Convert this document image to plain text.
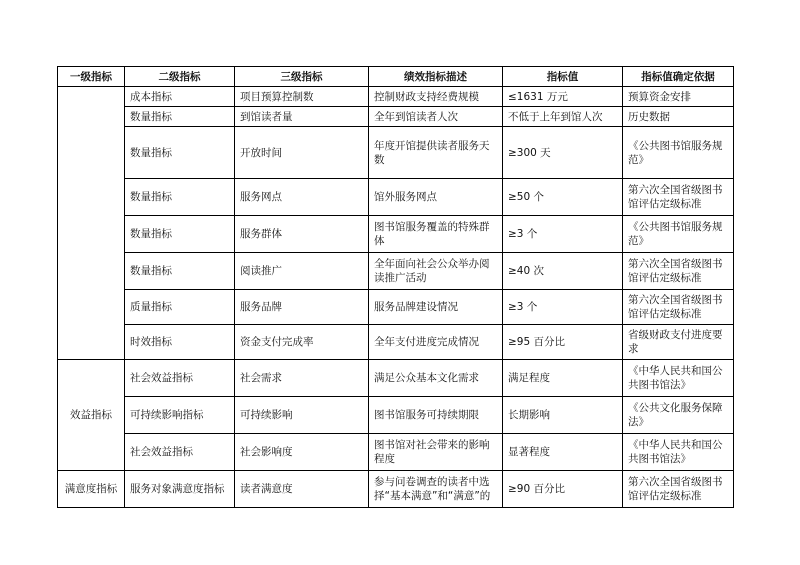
一级指标	二级指标	三级指标	绩效指标描述	指标值	指标值确定依据
	成本指标	项目预算控制数	控制财政支持经费规模	≤1631 万元	预算资金安排
	数量指标	到馆读者量	全年到馆读者人次	不低于上年到馆人次	历史数据
	数量指标	开放时间	年度开馆提供读者服务天数	≥300 天	《公共图书馆服务规范》
	数量指标	服务网点	馆外服务网点	≥50 个	第六次全国省级图书馆评估定级标准
	数量指标	服务群体	图书馆服务覆盖的特殊群体	≥3 个	《公共图书馆服务规范》
	数量指标	阅读推广	全年面向社会公众举办阅读推广活动	≥40 次	第六次全国省级图书馆评估定级标准
	质量指标	服务品牌	服务品牌建设情况	≥3 个	第六次全国省级图书馆评估定级标准
	时效指标	资金支付完成率	全年支付进度完成情况	≥95 百分比	省级财政支付进度要求
效益指标	社会效益指标	社会需求	满足公众基本文化需求	满足程度	《中华人民共和国公共图书馆法》
	可持续影响指标	可持续影响	图书馆服务可持续期限	长期影响	《公共文化服务保障法》
	社会效益指标	社会影响度	图书馆对社会带来的影响程度	显著程度	《中华人民共和国公共图书馆法》
满意度指标	服务对象满意度指标	读者满意度	参与问卷调查的读者中选择“基本满意”和“满意”的	≥90 百分比	第六次全国省级图书馆评估定级标准
